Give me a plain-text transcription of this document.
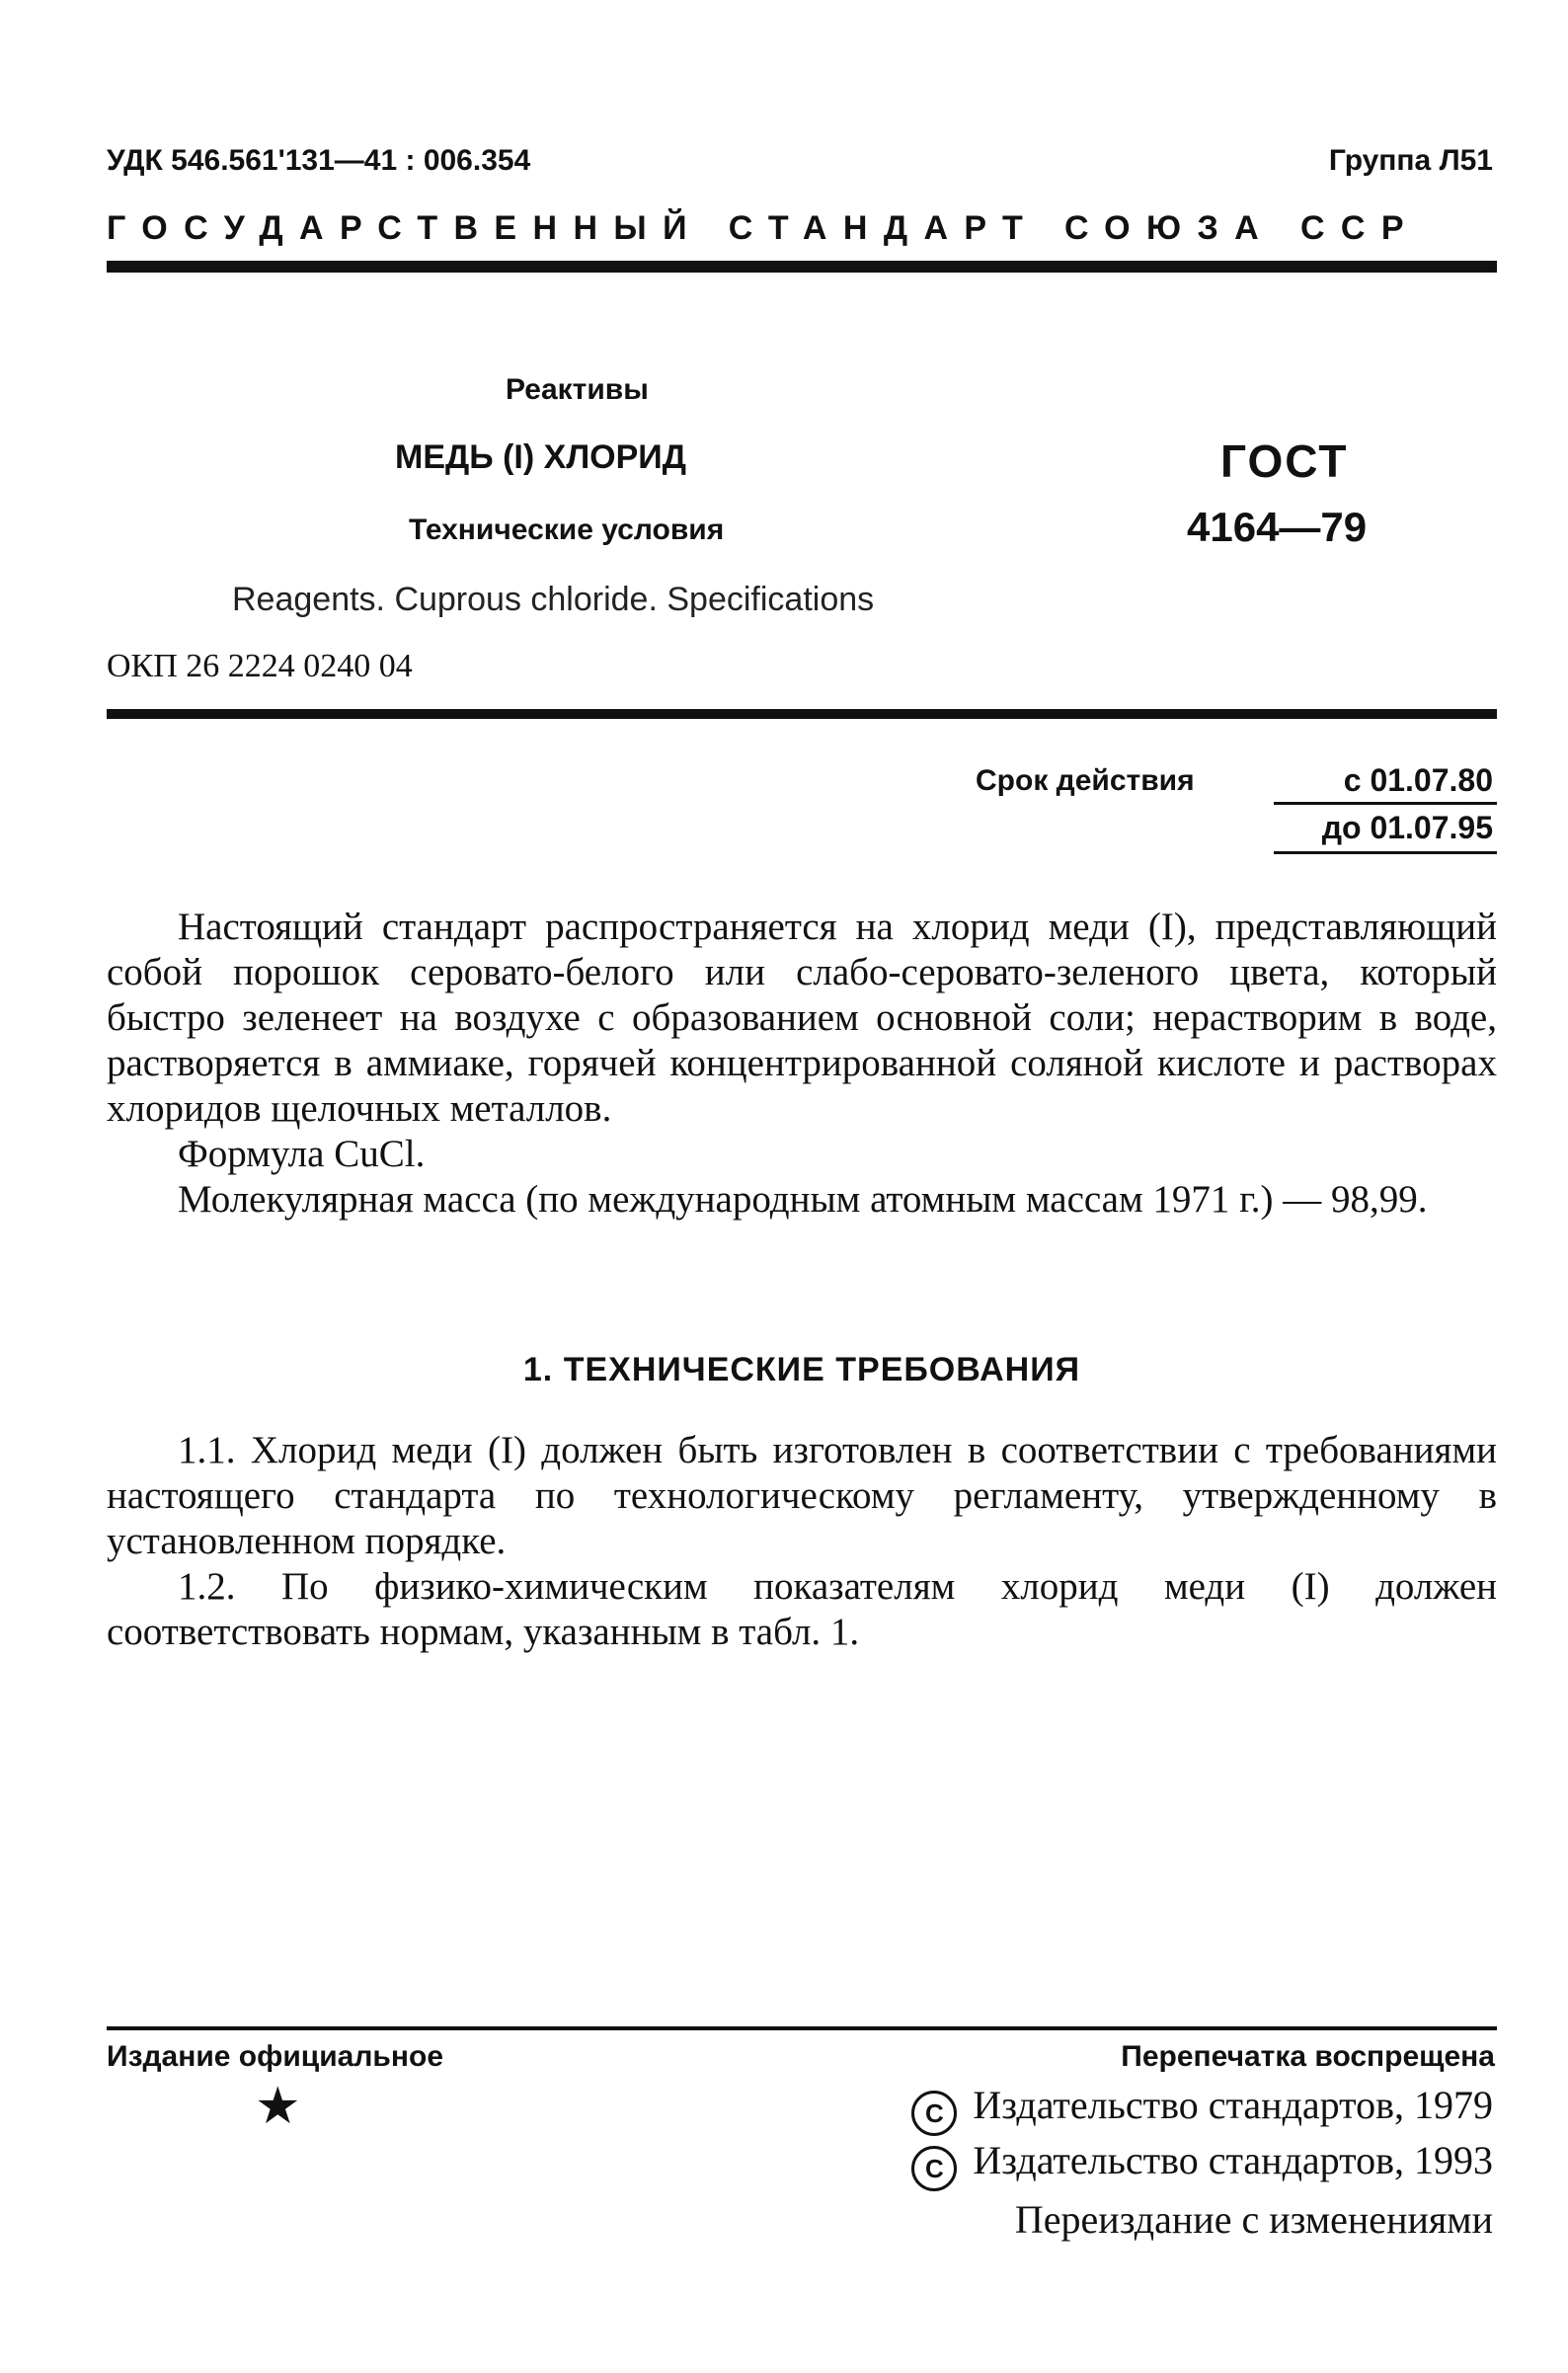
УДК 546.561'131—41 : 006.354	Группа Л51
ГОСУДАРСТВЕННЫЙ СТАНДАРТ СОЮЗА ССР
Реактивы
МЕДЬ (I) ХЛОРИД
Технические условия
ГОСТ
4164—79
Reagents. Cuprous chloride. Specifications
ОКП 26 2224 0240 04
Срок действия	с 01.07.80
до 01.07.95

Настоящий стандарт распространяется на хлорид меди (I), представляющий собой порошок серовато-белого или слабо-серовато-зеленого цвета, который быстро зеленеет на воздухе с образованием основной соли; нерастворим в воде, растворяется в аммиаке, горячей концентрированной соляной кислоте и растворах хлоридов щелочных металлов.

Формула CuCl.

Молекулярная масса (по международным атомным массам 1971 г.) — 98,99.

1. ТЕХНИЧЕСКИЕ ТРЕБОВАНИЯ

1.1. Хлорид меди (I) должен быть изготовлен в соответствии с требованиями настоящего стандарта по технологическому регламенту, утвержденному в установленном порядке.

1.2. По физико-химическим показателям хлорид меди (I) должен соответствовать нормам, указанным в табл. 1.

Издание официальное	Перепечатка воспрещена
★	C Издательство стандартов, 1979
C Издательство стандартов, 1993
Переиздание с изменениями
